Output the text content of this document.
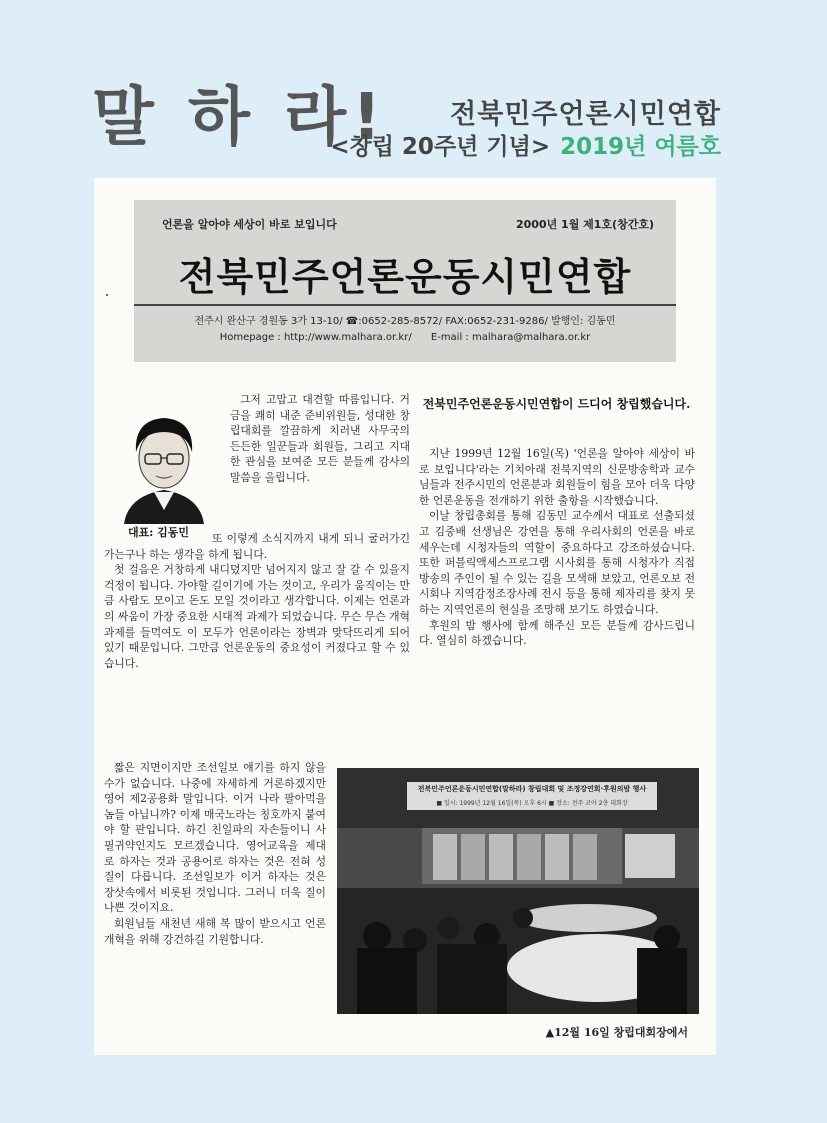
말 하 라! 전북민주언론시민연합
<창립 20주년 기념> 2019년 여름호
언론을 알아야 세상이 바로 보입니다	2000년 1월 제1호(창간호)
전북민주언론운동시민연합
전주시 완산구 경원동 3가 13-10/ ☎:0652-285-8572/ FAX:0652-231-9286/ 발행인: 김동민
Homepage : http://www.malhara.or.kr/ E-mail : malhara@malhara.or.kr
대표: 김동민

그저 고맙고 대견할 따름입니다. 거금을 쾌히 내준 준비위원들, 성대한 창립대회를 깔끔하게 치러낸 사무국의 든든한 일꾼들과 회원들, 그리고 지대한 관심을 보여준 모든 분들께 감사의 말씀을 올립니다.

또 이렇게 소식지까지 내게 되니 굴러가긴 가는구나 하는 생각을 하게 됩니다.

첫 걸음은 거창하게 내디뎠지만 넘어지지 않고 잘 갈 수 있을지 걱정이 됩니다. 가야할 길이기에 가는 것이고, 우리가 움직이는 만큼 사람도 모이고 돈도 모일 것이라고 생각합니다. 이제는 언론과의 싸움이 가장 중요한 시대적 과제가 되었습니다. 무슨 무슨 개혁과제를 들먹여도 이 모두가 언론이라는 장벽과 맞닥뜨리게 되어 있기 때문입니다. 그만큼 언론운동의 중요성이 커졌다고 할 수 있습니다.

짧은 지면이지만 조선일보 얘기를 하지 않을 수가 없습니다. 나중에 자세하게 거론하겠지만 영어 제2공용화 말입니다. 이거 나라 팔아먹을 놈들 아닙니까? 이제 매국노라는 칭호까지 붙여야 할 판입니다. 하긴 친일파의 자손들이니 사필귀약인지도 모르겠습니다. 영어교육을 제대로 하자는 것과 공용어로 하자는 것은 전혀 성질이 다릅니다. 조선일보가 이거 하자는 것은 장삿속에서 비롯된 것입니다. 그러니 더욱 질이 나쁜 것이지요.

회원님들 새천년 새해 복 많이 받으시고 언론개혁을 위해 강건하길 기원합니다.

전북민주언론운동시민연합이 드디어 창립했습니다.

지난 1999년 12월 16일(목) '언론을 알아야 세상이 바로 보입니다'라는 기치아래 전북지역의 신문방송학과 교수님들과 전주시민의 언론분과 회원들이 힘을 모아 더욱 다양한 언론운동을 전개하기 위한 출항을 시작했습니다.

이날 창립총회를 통해 김동민 교수께서 대표로 선출되셨고 김중배 선생님은 강연을 통해 우리사회의 언론을 바로 세우는데 시청자들의 역할이 중요하다고 강조하셨습니다. 또한 퍼블릭액세스프로그램 시사회를 통해 시청자가 직접 방송의 주인이 될 수 있는 길을 모색해 보았고, 언론오보 전시회나 지역감정조장사례 전시 등을 통해 제자리를 찾지 못하는 지역언론의 현실을 조망해 보기도 하였습니다.

후원의 밤 행사에 함께 해주신 모든 분들께 감사드립니다. 열심히 하겠습니다.

전북민주언론운동시민연합(말하라) 창립대회 및 조정강연회·후원의밤 행사
■ 일시: 1999년 12월 16일(목) 오후 6시 ■ 장소: 전주 코아 2층 대회장
▲12월 16일 창립대회장에서
